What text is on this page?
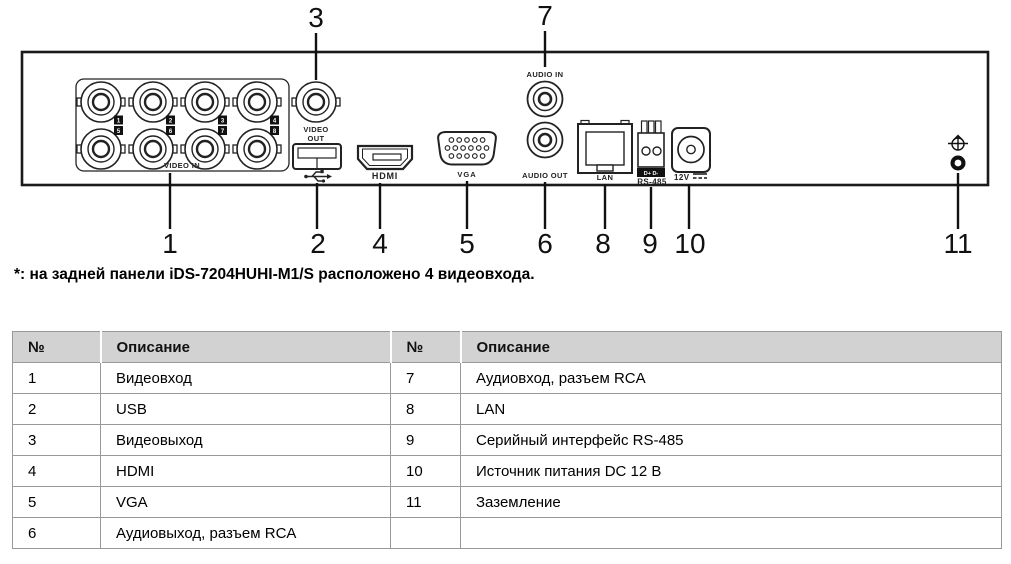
1
5
2
6
3
7
4
8
VIDEO IN
VIDEO
OUT
HDMI	VGA
AUDIO IN
AUDIO OUT	LAN	D+ D-
RS-485 12V
3	7
1	2 4	5 6 8 9 10	11
*: на задней панели iDS-7204HUHI-M1/S расположено 4 видеовхода.
№	Описание	№	Описание
1	Видеовход	7	Аудиовход, разъем RCA
2	USB	8	LAN
3	Видеовыход	9	Серийный интерфейс RS-485
4	HDMI	10	Источник питания DC 12 В
5	VGA	11	Заземление
6	Аудиовыход, разъем RCA		
